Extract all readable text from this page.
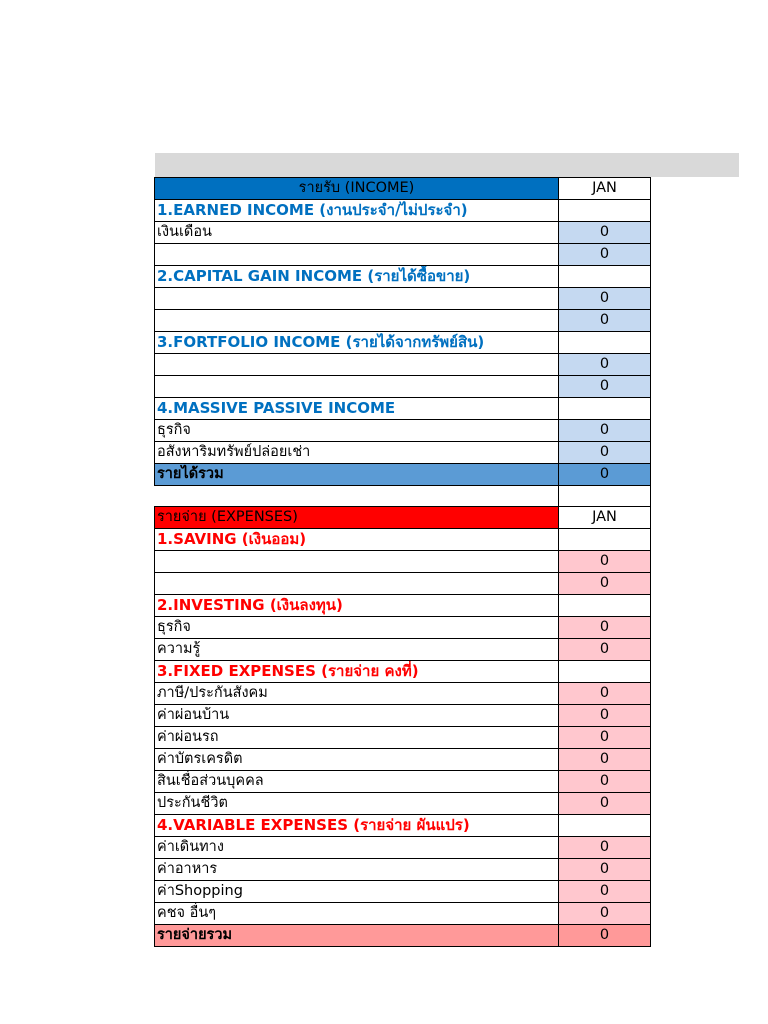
รายรับ (INCOME)	JAN
1.EARNED INCOME (งานประจำ/ไม่ประจำ)	
เงินเดือน	0
	0
2.CAPITAL GAIN INCOME (รายได้ซื้อขาย)	
	0
	0
3.FORTFOLIO INCOME (รายได้จากทรัพย์สิน)	
	0
	0
4.MASSIVE PASSIVE INCOME	
ธุรกิจ	0
อสังหาริมทรัพย์ปล่อยเช่า	0
รายได้รวม	0

รายจ่าย (EXPENSES)	JAN
1.SAVING (เงินออม)	
	0
	0
2.INVESTING (เงินลงทุน)	
ธุรกิจ	0
ความรู้	0
3.FIXED EXPENSES (รายจ่าย คงที่)	
ภาษี/ประกันสังคม	0
ค่าผ่อนบ้าน	0
ค่าผ่อนรถ	0
ค่าบัตรเครดิต	0
สินเชื่อส่วนบุคคล	0
ประกันชีวิต	0
4.VARIABLE EXPENSES (รายจ่าย ผันแปร)	
ค่าเดินทาง	0
ค่าอาหาร	0
ค่าShopping	0
คชจ อื่นๆ	0
รายจ่ายรวม	0
